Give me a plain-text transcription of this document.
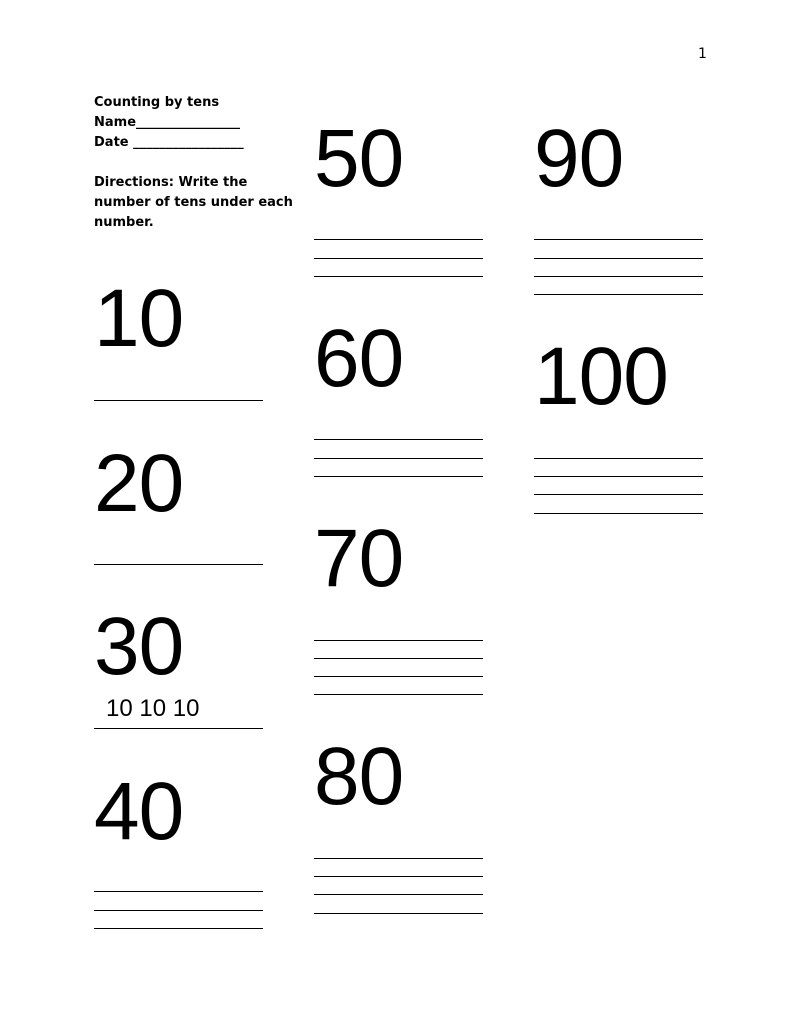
1
Counting by tens
Name________________
Date _________________
Directions: Write the
number of tens under each
number.
10
20
30
10 10 10
40
50
60
70
80
90
100
